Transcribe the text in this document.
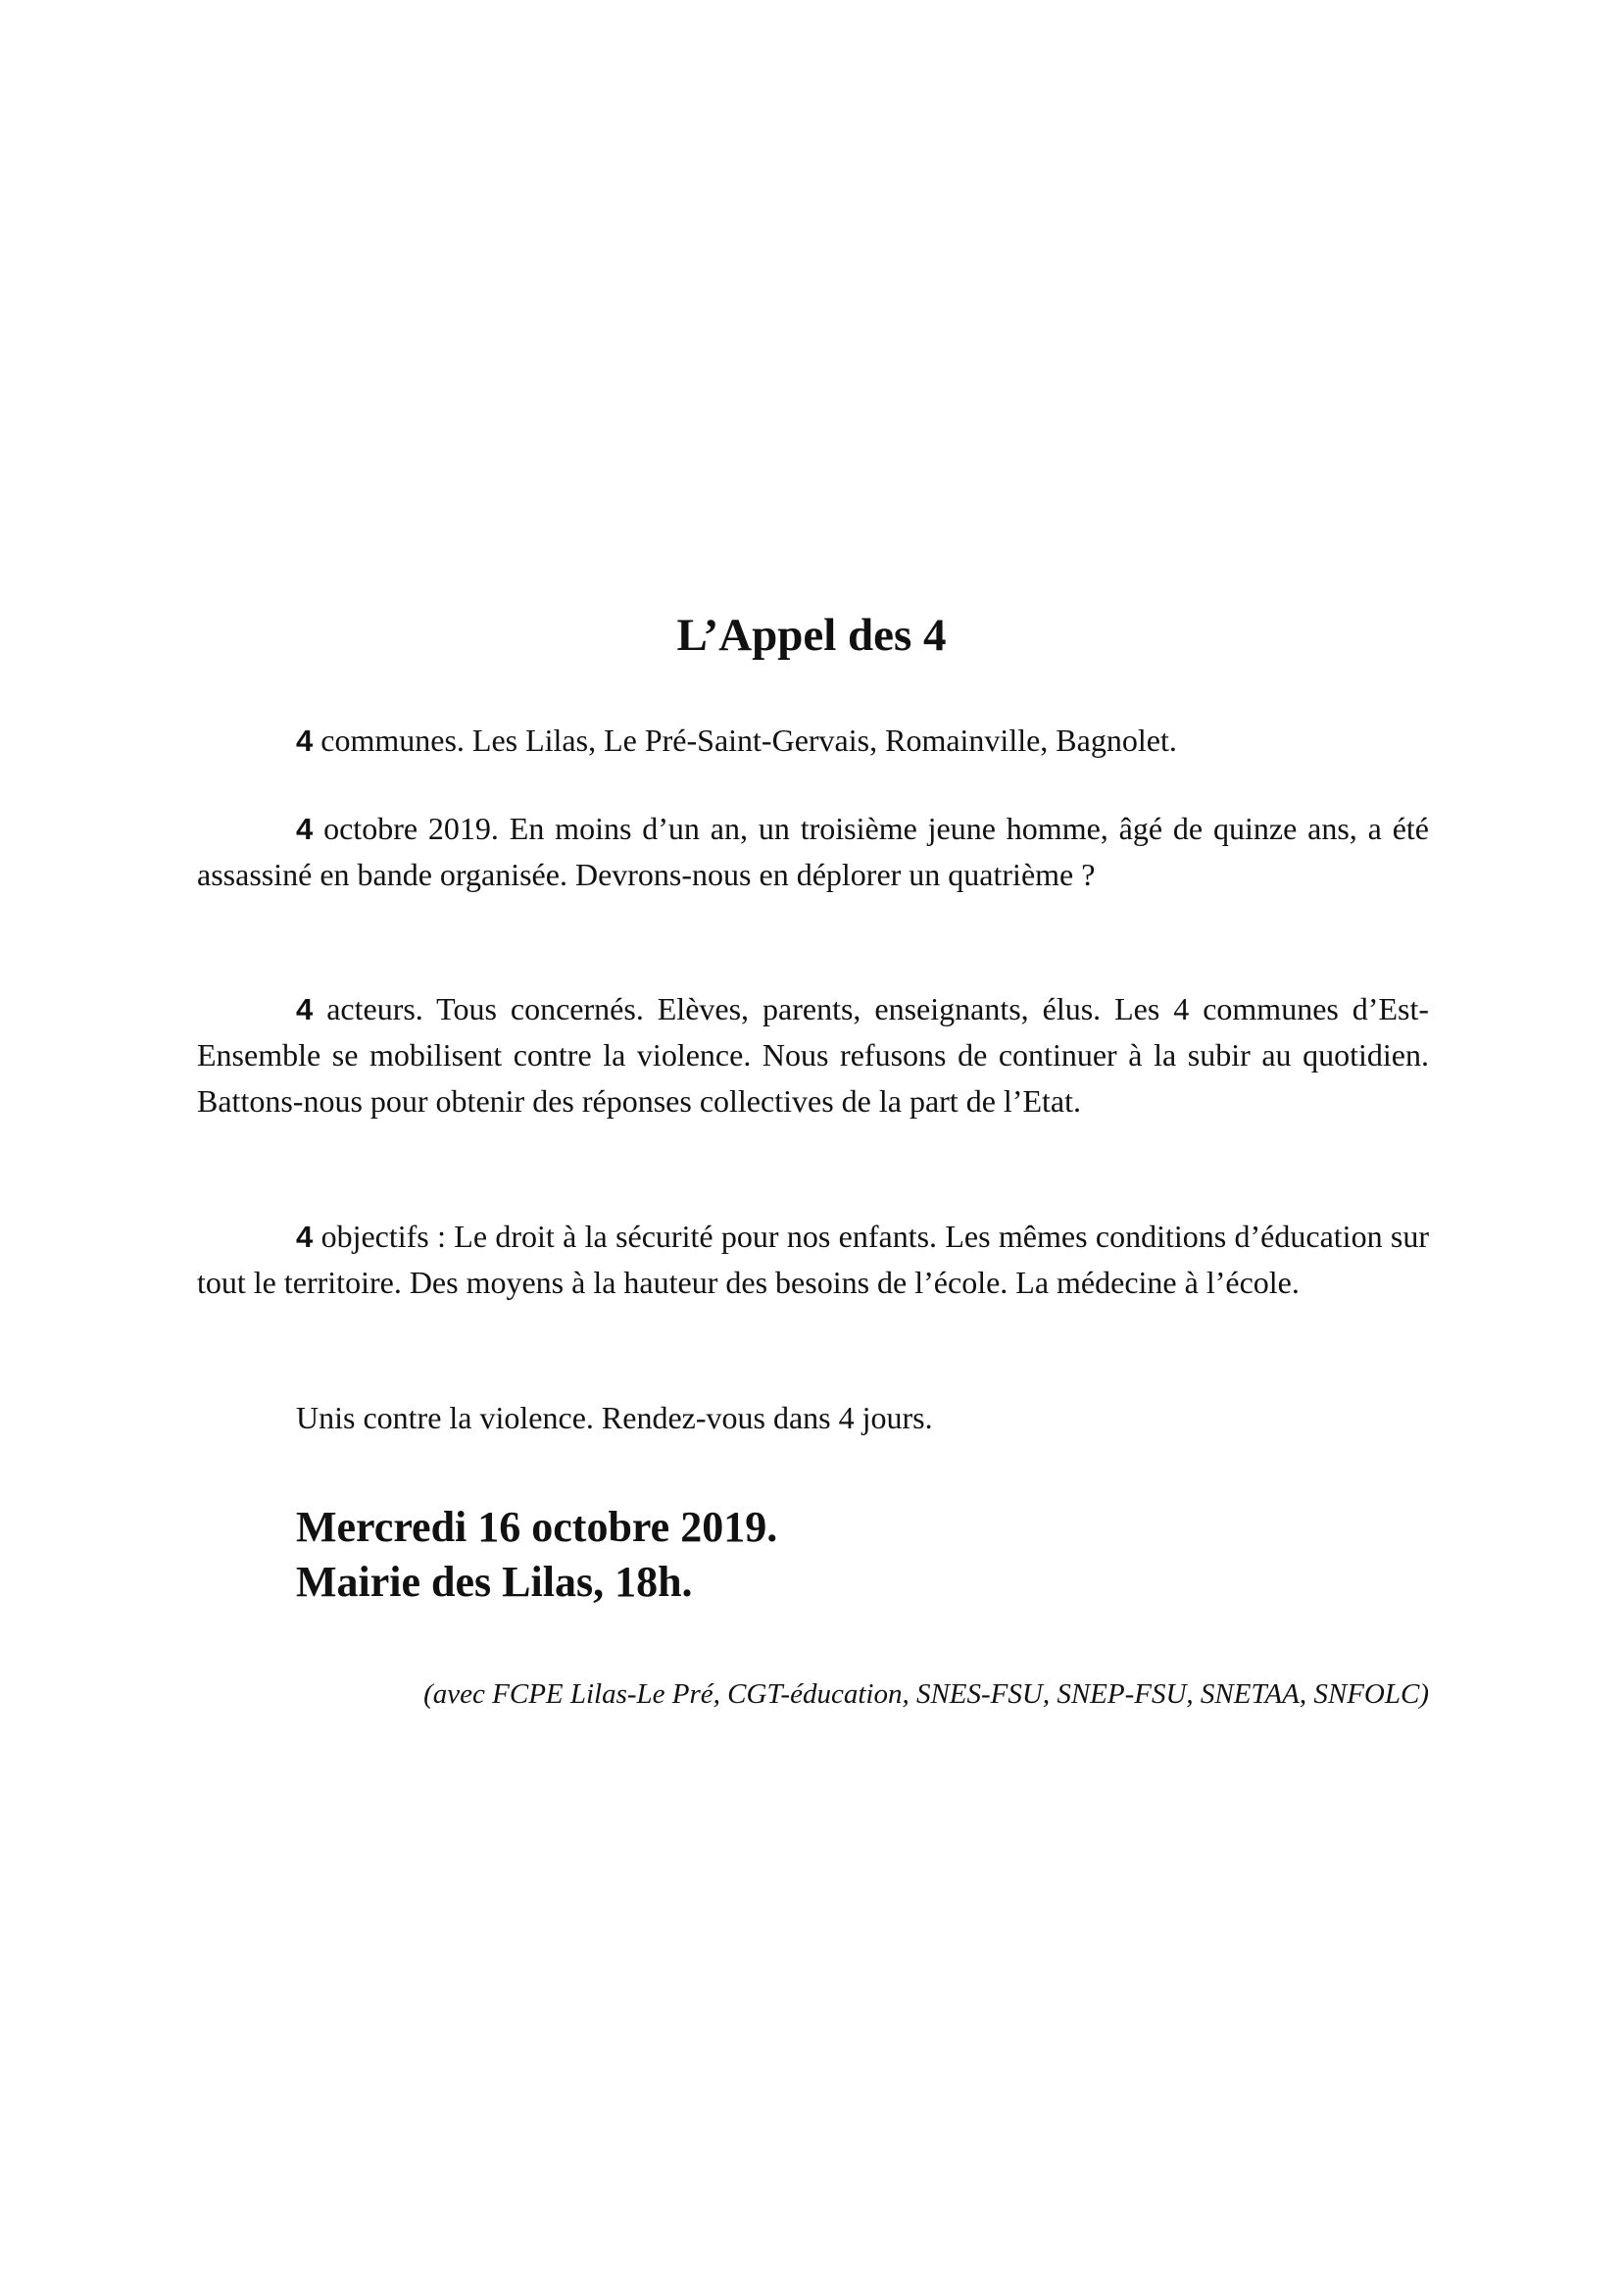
L’Appel des 4

4 communes. Les Lilas, Le Pré-Saint-Gervais, Romainville, Bagnolet.

4 octobre 2019. En moins d’un an, un troisième jeune homme, âgé de quinze ans, a été assassiné en bande organisée. Devrons-nous en déplorer un quatrième ?

4 acteurs. Tous concernés. Elèves, parents, enseignants, élus. Les 4 communes d’Est-Ensemble se mobilisent contre la violence. Nous refusons de continuer à la subir au quotidien. Battons-nous pour obtenir des réponses collectives de la part de l’Etat.

4 objectifs : Le droit à la sécurité pour nos enfants. Les mêmes conditions d’éducation sur tout le territoire. Des moyens à la hauteur des besoins de l’école. La médecine à l’école.

Unis contre la violence. Rendez-vous dans 4 jours.

Mercredi 16 octobre 2019.

Mairie des Lilas, 18h.

(avec FCPE Lilas-Le Pré, CGT-éducation, SNES-FSU, SNEP-FSU, SNETAA, SNFOLC)
